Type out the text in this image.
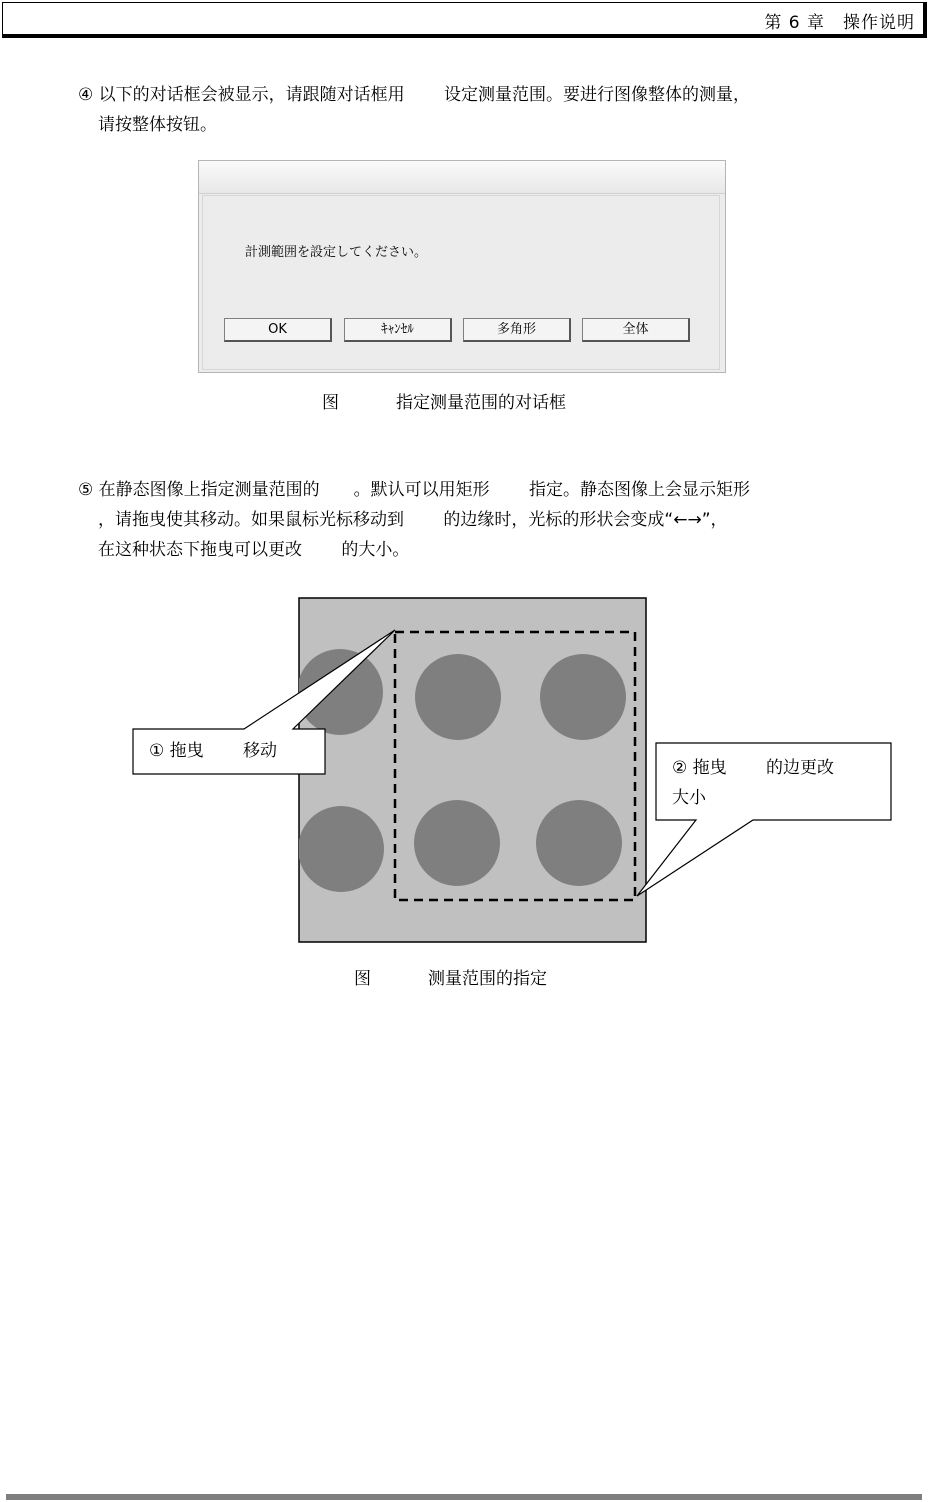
第 6 章　操作说明
④ 以下的对话框会被显示，请跟随对话框用　　 设定测量范围。要进行图像整体的测量，
请按整体按钮。
計測範囲を設定してください。
OK	ｷｬﾝｾﾙ	多角形	全体
图	指定测量范围的对话框
⑤ 在静态图像上指定测量范围的　　。默认可以用矩形　　 指定。静态图像上会显示矩形
，请拖曳使其移动。如果鼠标光标移动到　　 的边缘时，光标的形状会变成“←→”，
在这种状态下拖曳可以更改　　 的大小。
① 拖曳　　 移动
② 拖曳　　 的边更改
大小
图	测量范围的指定
